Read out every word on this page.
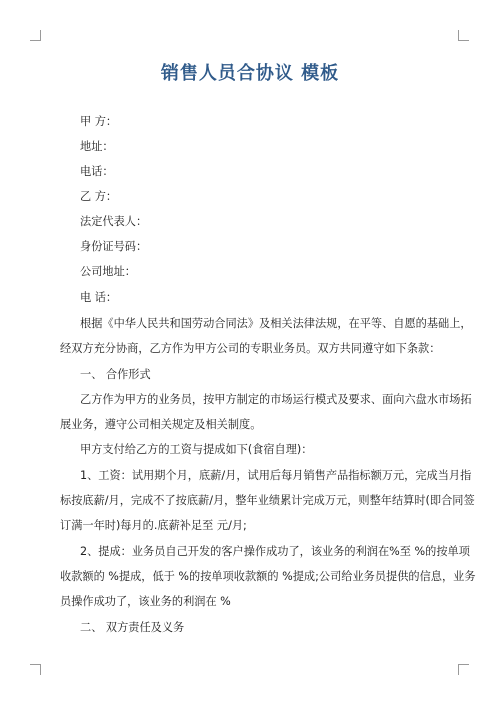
销售人员合协议 模板
甲 方：
地址：
电话：
乙 方：
法定代表人：
身份证号码：
公司地址：
电 话：
根据《中华人民共和国劳动合同法》及相关法律法规，在平等、自愿的基础上，
经双方充分协商，乙方作为甲方公司的专职业务员。双方共同遵守如下条款：
一、 合作形式
乙方作为甲方的业务员，按甲方制定的市场运行模式及要求、面向六盘水市场拓
展业务，遵守公司相关规定及相关制度。
甲方支付给乙方的工资与提成如下(食宿自理)：
1、工资：试用期个月，底薪/月，试用后每月销售产品指标额万元，完成当月指
标按底薪/月，完成不了按底薪/月，整年业绩累计完成万元，则整年结算时(即合同签
订满一年时)每月的.底薪补足至 元/月;
2、提成：业务员自己开发的客户操作成功了，该业务的利润在%至 %的按单项
收款额的 %提成，低于 %的按单项收款额的 %提成;公司给业务员提供的信息，业务
员操作成功了，该业务的利润在 %
二、 双方责任及义务
